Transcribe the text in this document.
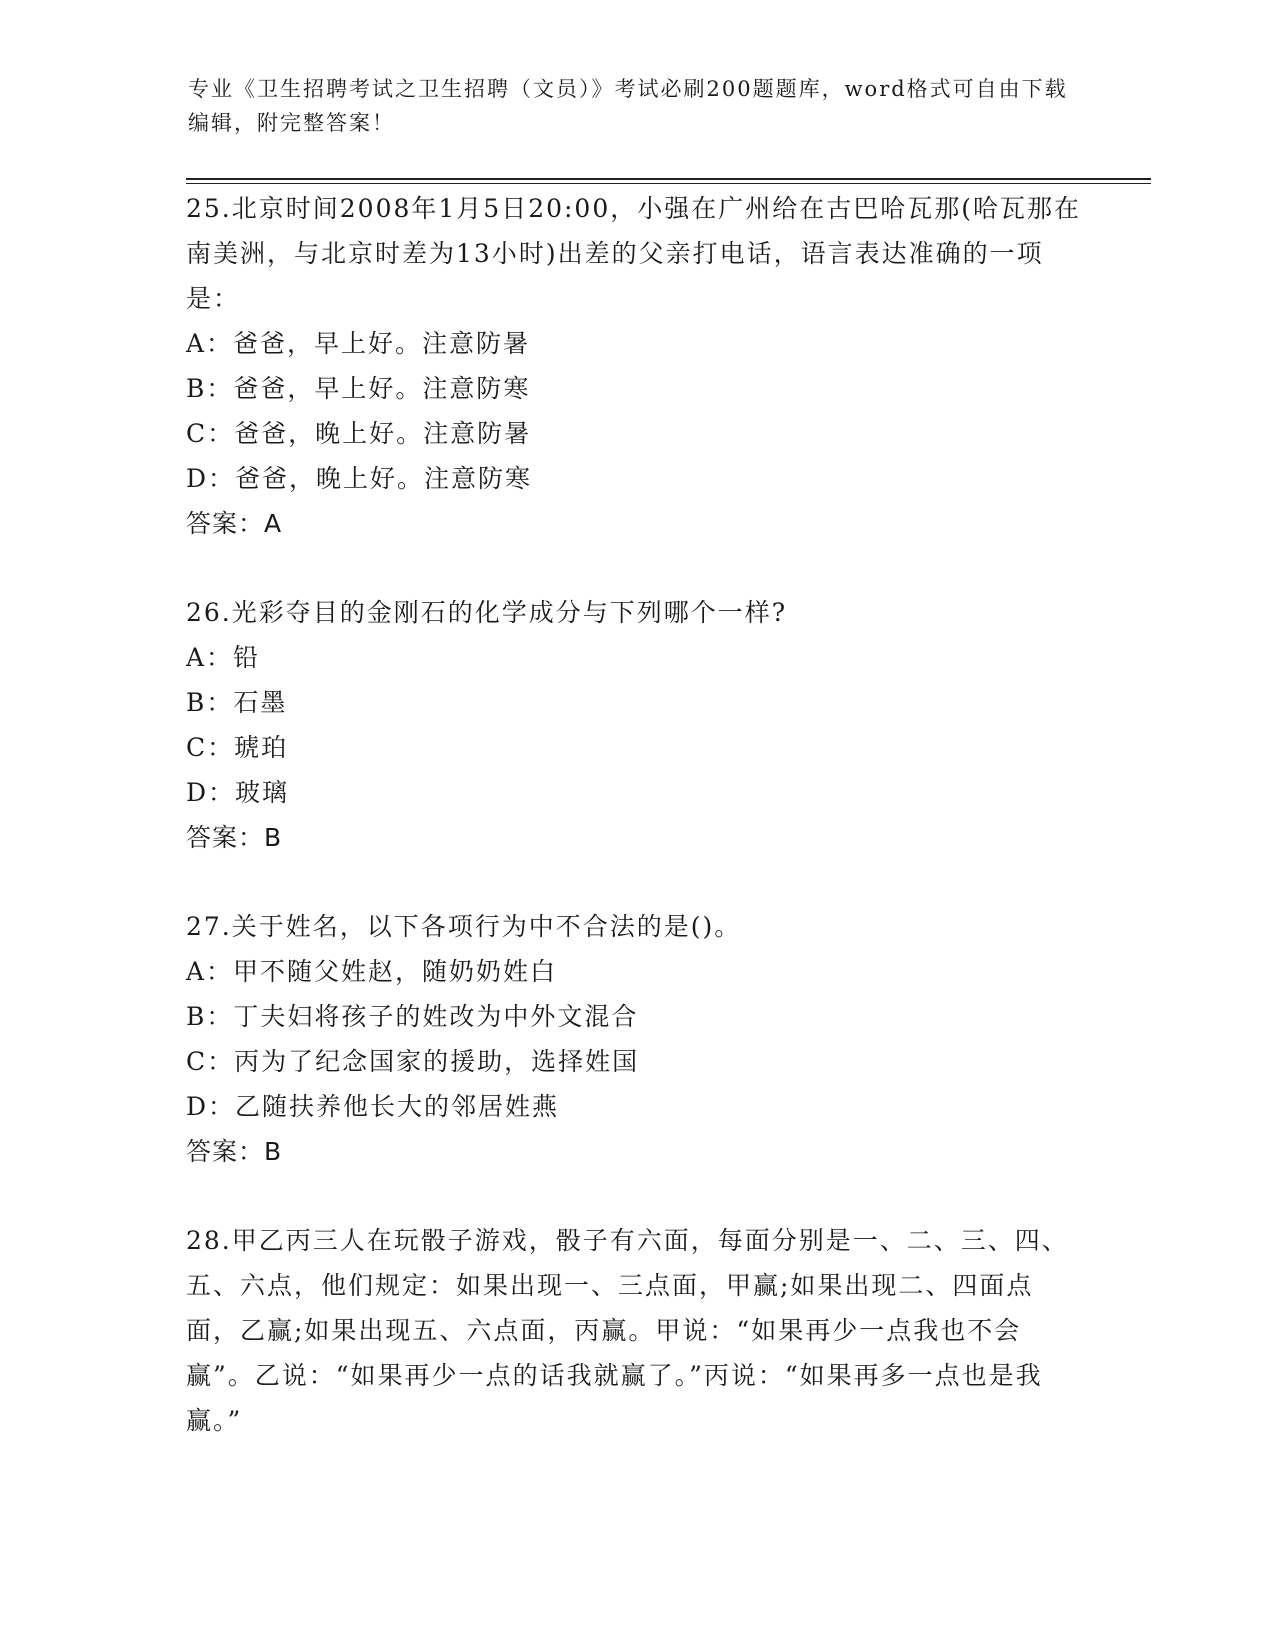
专业《卫生招聘考试之卫生招聘（文员）》考试必刷200题题库，word格式可自由下载编辑，附完整答案！

25.北京时间2008年1月5日20:00，小强在广州给在古巴哈瓦那(哈瓦那在南美洲，与北京时差为13小时)出差的父亲打电话，语言表达准确的一项是：

A：爸爸，早上好。注意防暑

B：爸爸，早上好。注意防寒

C：爸爸，晚上好。注意防暑

D：爸爸，晚上好。注意防寒

答案：A

26.光彩夺目的金刚石的化学成分与下列哪个一样?

A：铅

B：石墨

C：琥珀

D：玻璃

答案：B

27.关于姓名，以下各项行为中不合法的是()。

A：甲不随父姓赵，随奶奶姓白

B：丁夫妇将孩子的姓改为中外文混合

C：丙为了纪念国家的援助，选择姓国

D：乙随扶养他长大的邻居姓燕

答案：B

28.甲乙丙三人在玩骰子游戏，骰子有六面，每面分别是一、二、三、四、五、六点，他们规定：如果出现一、三点面，甲赢;如果出现二、四面点面，乙赢;如果出现五、六点面，丙赢。甲说：“如果再少一点我也不会赢”。乙说：“如果再少一点的话我就赢了。”丙说：“如果再多一点也是我赢。”
